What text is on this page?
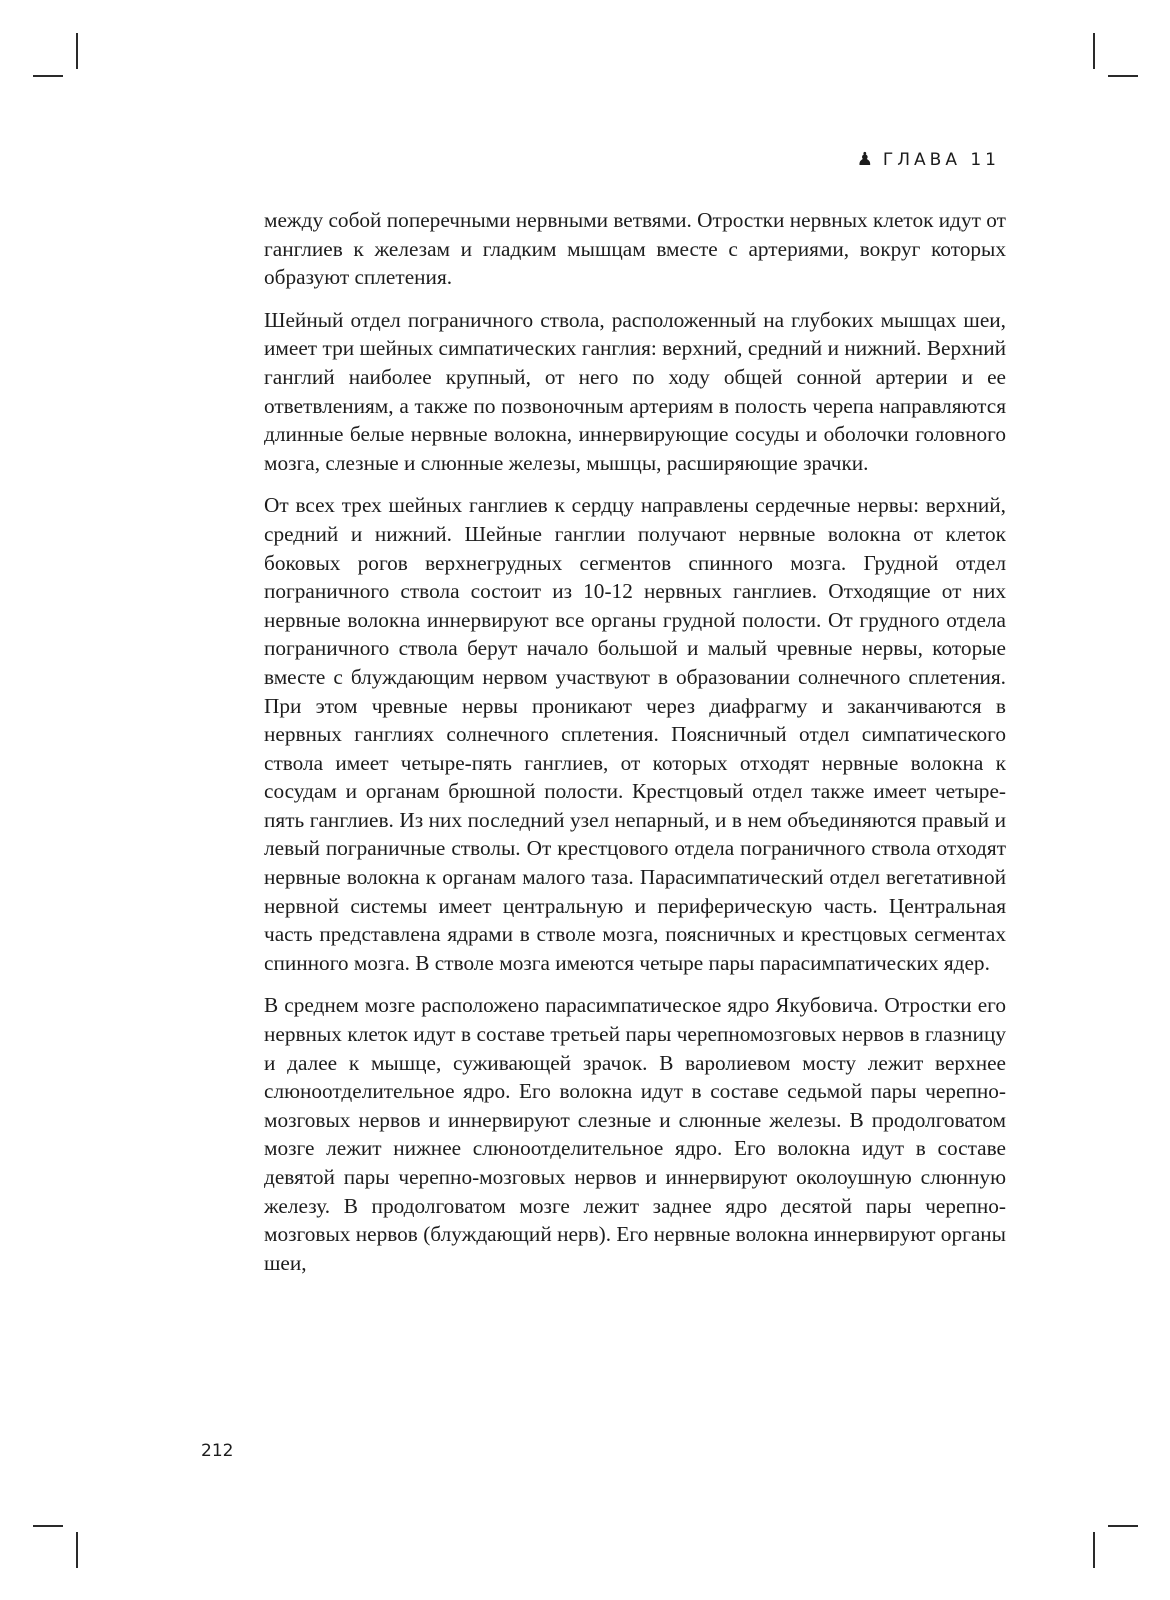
♟ ГЛАВА 11

между собой поперечными нервными ветвями. Отростки нервных клеток идут от ганглиев к железам и гладким мышцам вместе с артериями, вокруг которых образуют сплетения.

Шейный отдел пограничного ствола, расположенный на глубоких мышцах шеи, имеет три шейных симпатических ганглия: верхний, средний и нижний. Верхний ганглий наиболее крупный, от него по ходу общей сонной артерии и ее ответвлениям, а также по позвоночным артериям в полость черепа направляются длинные белые нервные волокна, иннервирующие сосуды и оболочки головного мозга, слезные и слюнные железы, мышцы, расширяющие зрачки.

От всех трех шейных ганглиев к сердцу направлены сердечные нервы: верхний, средний и нижний. Шейные ганглии получают нервные волокна от клеток боковых рогов верхнегрудных сегментов спинного мозга. Грудной отдел пограничного ствола состоит из 10-12 нервных ганглиев. Отходящие от них нервные волокна иннервируют все органы грудной полости. От грудного отдела пограничного ствола берут начало большой и малый чревные нервы, которые вместе с блуждающим нервом участвуют в образовании солнечного сплетения. При этом чревные нервы проникают через диафрагму и заканчиваются в нервных ганглиях солнечного сплетения. Поясничный отдел симпатического ствола имеет четыре-пять ганглиев, от которых отходят нервные волокна к сосудам и органам брюшной полости. Крестцовый отдел также имеет четыре-пять ганглиев. Из них последний узел непарный, и в нем объединяются правый и левый пограничные стволы. От крестцового отдела пограничного ствола отходят нервные волокна к органам малого таза. Парасимпатический отдел вегетативной нервной системы имеет центральную и периферическую часть. Центральная часть представлена ядрами в стволе мозга, поясничных и крестцовых сегментах спинного мозга. В стволе мозга имеются четыре пары парасимпатических ядер.

В среднем мозге расположено парасимпатическое ядро Якубовича. Отростки его нервных клеток идут в составе третьей пары черепномозговых нервов в глазницу и далее к мышце, суживающей зрачок. В варолиевом мосту лежит верхнее слюноотделительное ядро. Его волокна идут в составе седьмой пары черепно-мозговых нервов и иннервируют слезные и слюнные железы. В продолговатом мозге лежит нижнее слюноотделительное ядро. Его волокна идут в составе девятой пары черепно-мозговых нервов и иннервируют околоушную слюнную железу. В продолговатом мозге лежит заднее ядро десятой пары черепно-мозговых нервов (блуждающий нерв). Его нервные волокна иннервируют органы шеи,

212
